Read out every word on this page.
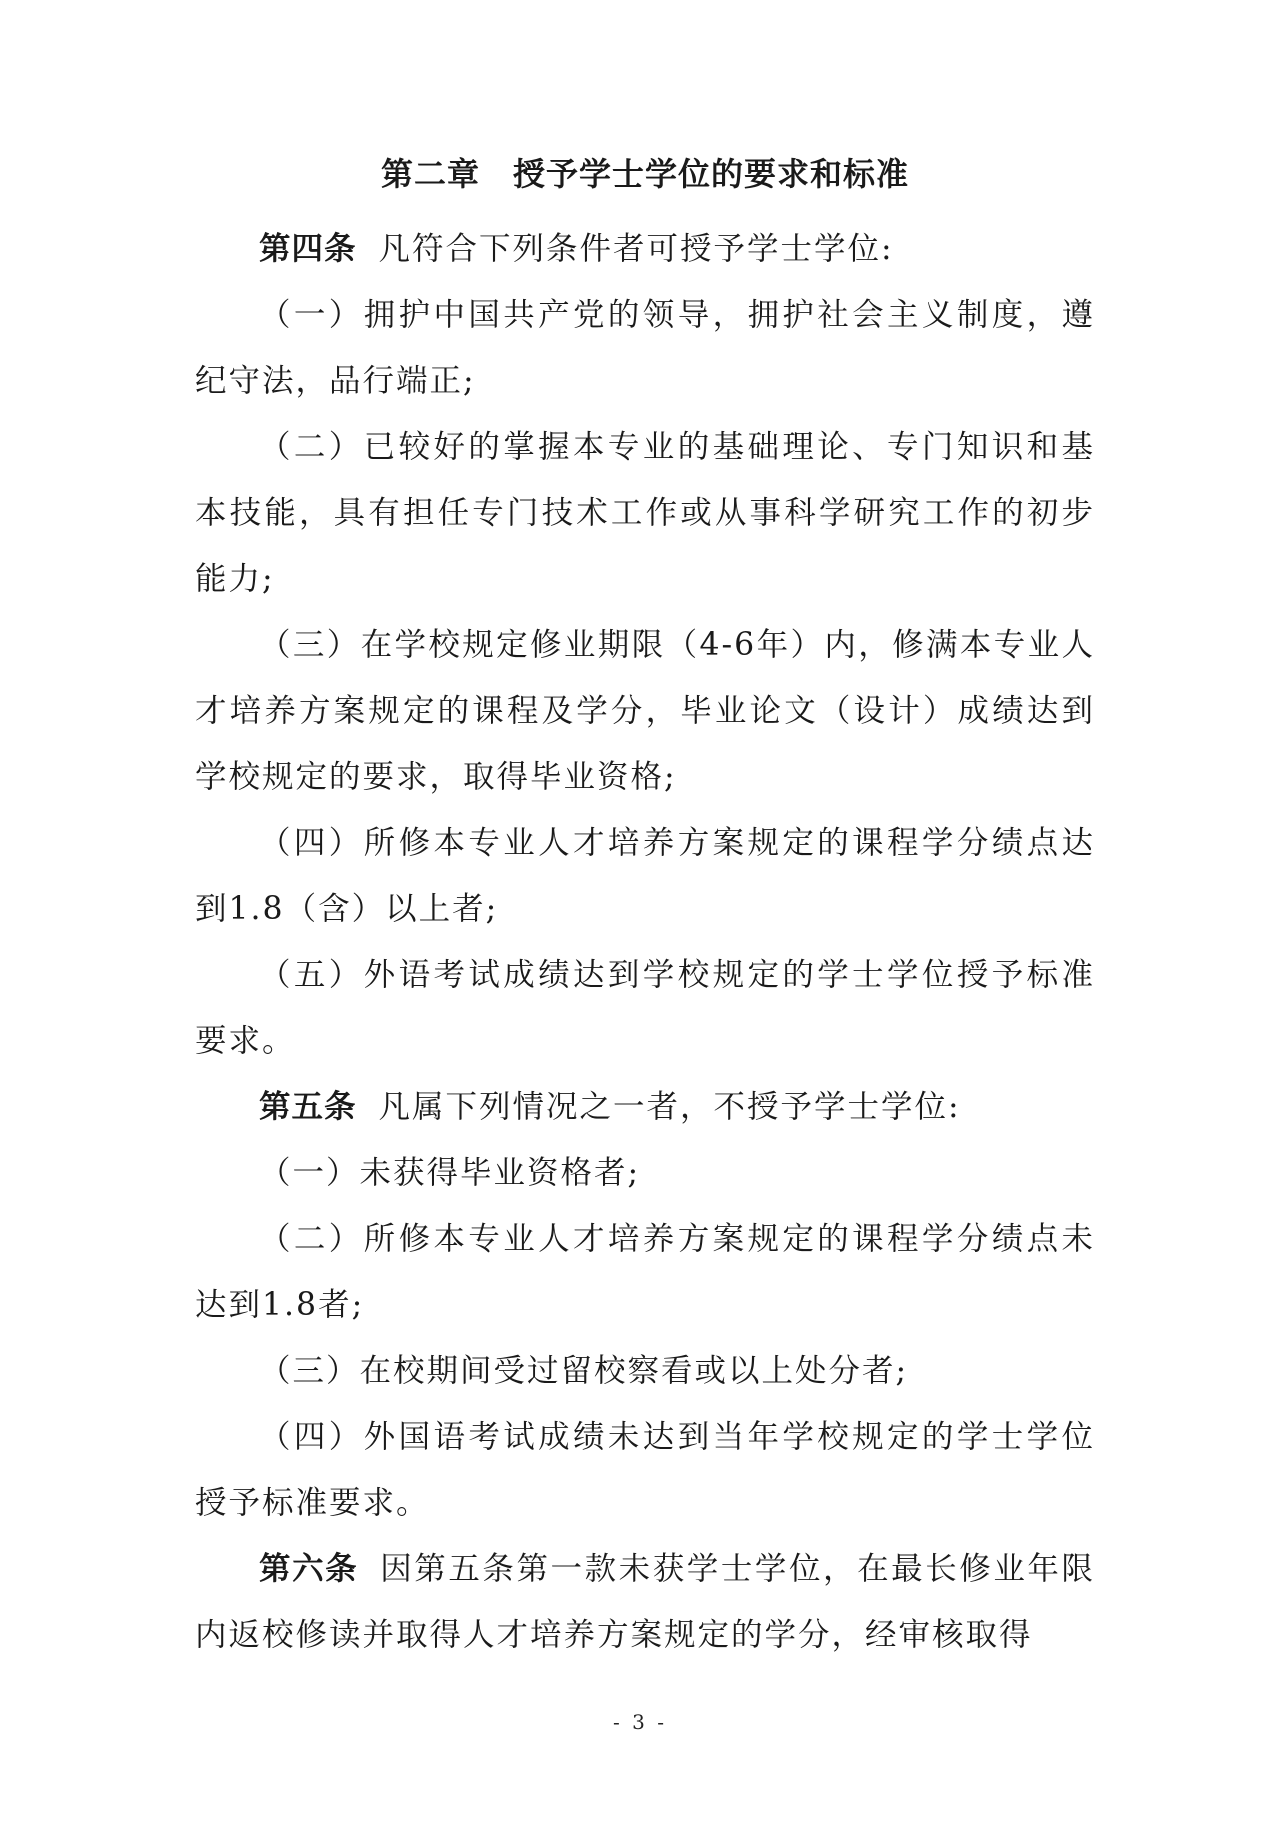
第二章　授予学士学位的要求和标准

第四条 凡符合下列条件者可授予学士学位:

（一）拥护中国共产党的领导，拥护社会主义制度，遵纪守法，品行端正;

（二）已较好的掌握本专业的基础理论、专门知识和基本技能，具有担任专门技术工作或从事科学研究工作的初步能力;

（三）在学校规定修业期限（4-6年）内，修满本专业人才培养方案规定的课程及学分，毕业论文（设计）成绩达到学校规定的要求，取得毕业资格;

（四）所修本专业人才培养方案规定的课程学分绩点达到1.8（含）以上者;

（五）外语考试成绩达到学校规定的学士学位授予标准要求。

第五条 凡属下列情况之一者，不授予学士学位:

（一）未获得毕业资格者;

（二）所修本专业人才培养方案规定的课程学分绩点未达到1.8者;

（三）在校期间受过留校察看或以上处分者;

（四）外国语考试成绩未达到当年学校规定的学士学位授予标准要求。

第六条 因第五条第一款未获学士学位，在最长修业年限内返校修读并取得人才培养方案规定的学分，经审核取得

- 3 -
